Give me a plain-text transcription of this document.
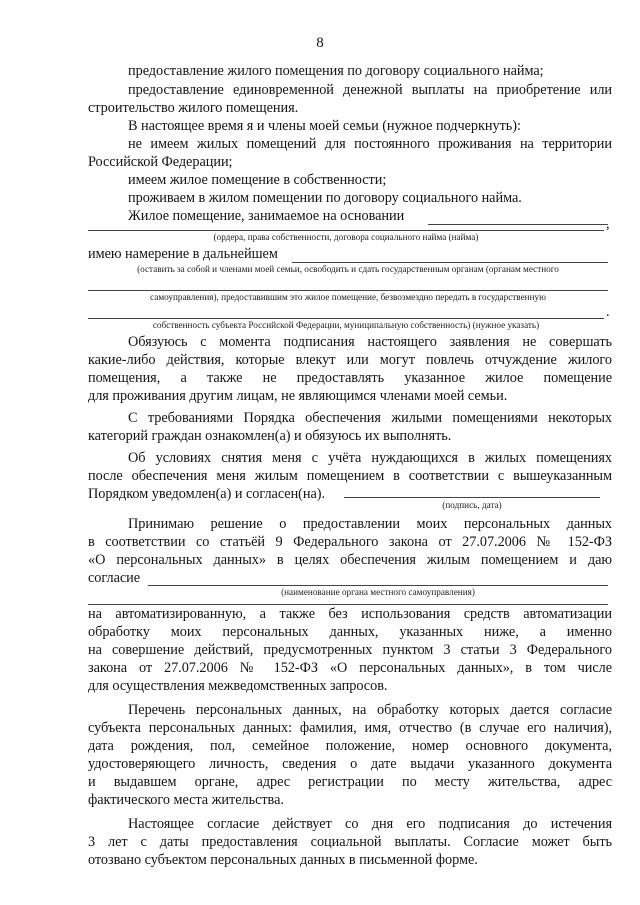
8
предоставление жилого помещения по договору социального найма;
предоставление единовременной денежной выплаты на приобретение или
строительство жилого помещения.
В настоящее время я и члены моей семьи (нужное подчеркнуть):
не имеем жилых помещений для постоянного проживания на территории
Российской Федерации;
имеем жилое помещение в собственности;
проживаем в жилом помещении по договору социального найма.
Жилое помещение, занимаемое на основании	,
(ордера, права собственности, договора социального найма (найма)
имею намерение в дальнейшем
(оставить за собой и членами моей семьи, освободить и сдать государственным органам (органам местного
самоуправления), предоставившим это жилое помещение, безвозмездно передать в государственную
.
собственность субъекта Российской Федерации, муниципальную собственность) (нужное указать)
Обязуюсь с момента подписания настоящего заявления не совершать
какие-либо действия, которые влекут или могут повлечь отчуждение жилого
помещения, а также не предоставлять указанное жилое помещение
для проживания другим лицам, не являющимся членами моей семьи.
С требованиями Порядка обеспечения жилыми помещениями некоторых
категорий граждан ознакомлен(а) и обязуюсь их выполнять.
Об условиях снятия меня с учёта нуждающихся в жилых помещениях
после обеспечения меня жилым помещением в соответствии с вышеуказанным
Порядком уведомлен(а) и согласен(на).
(подпись, дата)
Принимаю решение о предоставлении моих персональных данных
в соответствии со статьёй 9 Федерального закона от 27.07.2006 № 152-ФЗ
«О персональных данных» в целях обеспечения жилым помещением и даю
согласие
(наименование органа местного самоуправления)
на автоматизированную, а также без использования средств автоматизации
обработку моих персональных данных, указанных ниже, а именно
на совершение действий, предусмотренных пунктом 3 статьи 3 Федерального
закона от 27.07.2006 № 152-ФЗ «О персональных данных», в том числе
для осуществления межведомственных запросов.
Перечень персональных данных, на обработку которых дается согласие
субъекта персональных данных: фамилия, имя, отчество (в случае его наличия),
дата рождения, пол, семейное положение, номер основного документа,
удостоверяющего личность, сведения о дате выдачи указанного документа
и выдавшем органе, адрес регистрации по месту жительства, адрес
фактического места жительства.
Настоящее согласие действует со дня его подписания до истечения
3 лет с даты предоставления социальной выплаты. Согласие может быть
отозвано субъектом персональных данных в письменной форме.
